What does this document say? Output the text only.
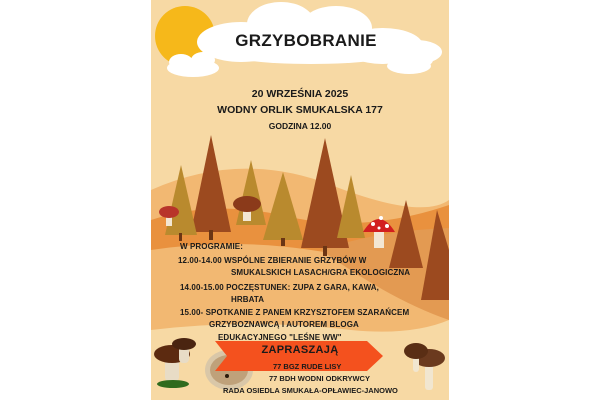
GRZYBOBRANIE
20 WRZEŚNIA 2025
WODNY ORLIK SMUKALSKA 177
GODZINA 12.00
W PROGRAMIE:
12.00-14.00 WSPÓLNE ZBIERANIE GRZYBÓW W
SMUKALSKICH LASACH/GRA EKOLOGICZNA
14.00-15.00 POCZĘSTUNEK: ZUPA Z GARA, KAWA,
HRBATA
15.00- SPOTKANIE Z PANEM KRZYSZTOFEM SZARAŃCEM
GRZYBOZNAWCĄ I AUTOREM BLOGA
EDUKACYJNEGO "LEŚNE WW"
ZAPRASZAJĄ
77 BGZ RUDE LISY
77 BDH WODNI ODKRYWCY
RADA OSIEDLA SMUKAŁA-OPŁAWIEC-JANOWO
